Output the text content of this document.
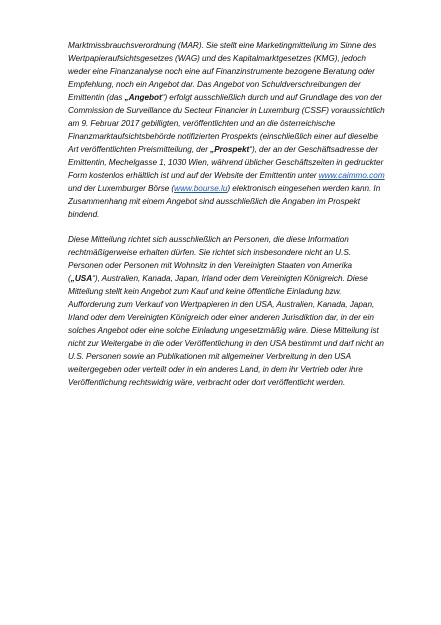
Marktmissbrauchsverordnung (MAR). Sie stellt eine Marketingmitteilung im Sinne des Wertpapieraufsichtsgesetzes (WAG) und des Kapitalmarktgesetzes (KMG), jedoch weder eine Finanzanalyse noch eine auf Finanzinstrumente bezogene Beratung oder Empfehlung, noch ein Angebot dar. Das Angebot von Schuldverschreibungen der Emittentin (das „Angebot“) erfolgt ausschließlich durch und auf Grundlage des von der Commission de Surveillance du Secteur Financier in Luxemburg (CSSF) voraussichtlich am 9. Februar 2017 gebilligten, veröffentlichten und an die österreichische Finanzmarktaufsichtsbehörde notifizierten Prospekts (einschließlich einer auf dieselbe Art veröffentlichten Preismitteilung, der „Prospekt“), der an der Geschäftsadresse der Emittentin, Mechelgasse 1, 1030 Wien, während üblicher Geschäftszeiten in gedruckter Form kostenlos erhältlich ist und auf der Website der Emittentin unter www.caimmo.com und der Luxemburger Börse (www.bourse.lu) elektronisch eingesehen werden kann. In Zusammenhang mit einem Angebot sind ausschließlich die Angaben im Prospekt bindend.

Diese Mitteilung richtet sich ausschließlich an Personen, die diese Information rechtmäßigerweise erhalten dürfen. Sie richtet sich insbesondere nicht an U.S. Personen oder Personen mit Wohnsitz in den Vereinigten Staaten von Amerika („USA“), Australien, Kanada, Japan, Irland oder dem Vereinigten Königreich. Diese Mitteilung stellt kein Angebot zum Kauf und keine öffentliche Einladung bzw. Aufforderung zum Verkauf von Wertpapieren in den USA, Australien, Kanada, Japan, Irland oder dem Vereinigten Königreich oder einer anderen Jurisdiktion dar, in der ein solches Angebot oder eine solche Einladung ungesetzmäßig wäre. Diese Mitteilung ist nicht zur Weitergabe in die oder Veröffentlichung in den USA bestimmt und darf nicht an U.S. Personen sowie an Publikationen mit allgemeiner Verbreitung in den USA weitergegeben oder verteilt oder in ein anderes Land, in dem ihr Vertrieb oder ihre Veröffentlichung rechtswidrig wäre, verbracht oder dort veröffentlicht werden.
